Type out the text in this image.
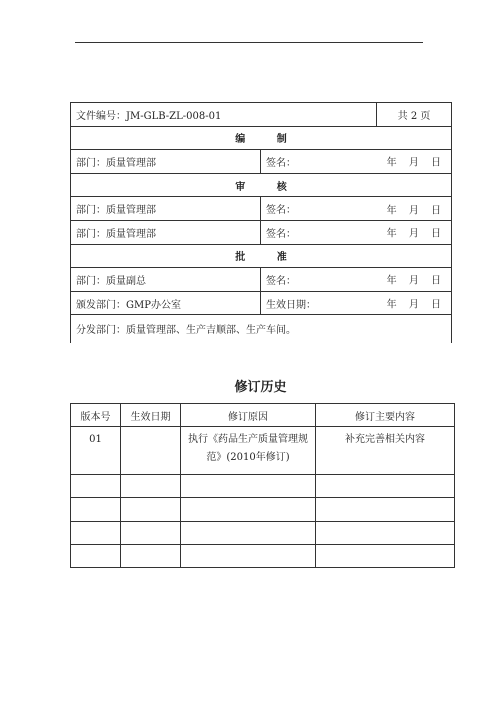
文件编号：JM-GLB-ZL-008-01		共 2 页
编 制		
部门：质量管理部	签名： 年 月 日	

审 核		
部门：质量管理部	签名： 年 月 日	

部门：质量管理部	签名： 年 月 日	

批 准		
部门：质量副总	签名： 年 月 日	

颁发部门：GMP办公室	生效日期： 年 月 日	

分发部门：质量管理部、生产吉顺部、生产车间。		
修订历史
版本号	生效日期	修订原因	修订主要内容
01		执行《药品生产质量管理规范》(2010年修订)	补充完善相关内容
